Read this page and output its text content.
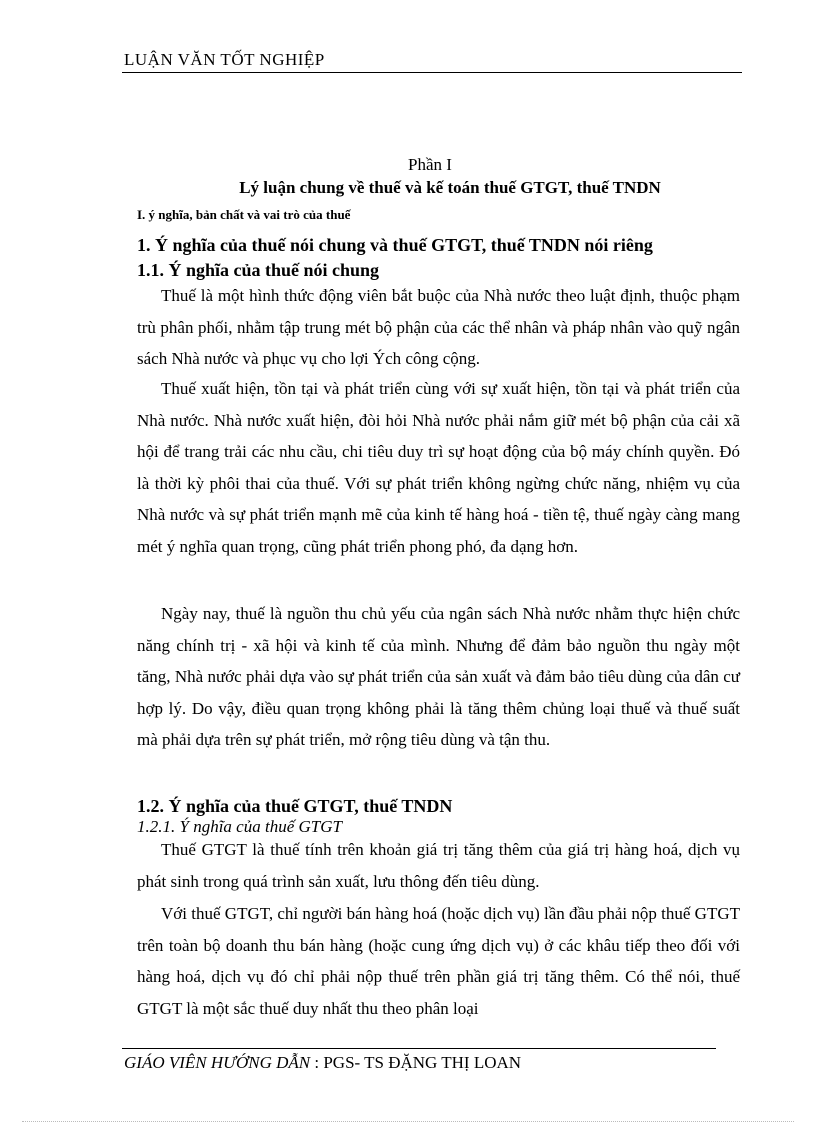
LUẬN VĂN TỐT NGHIỆP
Phần I
Lý luận chung về thuế và kế toán thuế GTGT, thuế TNDN
I. ý nghĩa, bản chất và vai trò của thuế
1. Ý nghĩa của thuế nói chung và thuế GTGT, thuế TNDN nói riêng
1.1. Ý nghĩa của thuế nói chung

Thuế là một hình thức động viên bắt buộc của Nhà nước theo luật định, thuộc phạm trù phân phối, nhằm tập trung mét bộ phận của các thể nhân và pháp nhân vào quỹ ngân sách Nhà nước và phục vụ cho lợi Ých công cộng.

Thuế xuất hiện, tồn tại và phát triển cùng với sự xuất hiện, tồn tại và phát triển của Nhà nước. Nhà nước xuất hiện, đòi hỏi Nhà nước phải nắm giữ mét bộ phận của cải xã hội để trang trải các nhu cầu, chi tiêu duy trì sự hoạt động của bộ máy chính quyền. Đó là thời kỳ phôi thai của thuế. Với sự phát triển không ngừng chức năng, nhiệm vụ của Nhà nước và sự phát triển mạnh mẽ của kinh tế hàng hoá - tiền tệ, thuế ngày càng mang mét ý nghĩa quan trọng, cũng phát triển phong phó, đa dạng hơn.

Ngày nay, thuế là nguồn thu chủ yếu của ngân sách Nhà nước nhằm thực hiện chức năng chính trị - xã hội và kinh tế của mình. Nhưng để đảm bảo nguồn thu ngày một tăng, Nhà nước phải dựa vào sự phát triển của sản xuất và đảm bảo tiêu dùng của dân cư hợp lý. Do vậy, điều quan trọng không phải là tăng thêm chủng loại thuế và thuế suất mà phải dựa trên sự phát triển, mở rộng tiêu dùng và tận thu.

1.2. Ý nghĩa của thuế GTGT, thuế TNDN
1.2.1. Ý nghĩa của thuế GTGT

Thuế GTGT là thuế tính trên khoản giá trị tăng thêm của giá trị hàng hoá, dịch vụ phát sinh trong quá trình sản xuất, lưu thông đến tiêu dùng.

Với thuế GTGT, chỉ người bán hàng hoá (hoặc dịch vụ) lần đầu phải nộp thuế GTGT trên toàn bộ doanh thu bán hàng (hoặc cung ứng dịch vụ) ở các khâu tiếp theo đối với hàng hoá, dịch vụ đó chỉ phải nộp thuế trên phần giá trị tăng thêm. Có thể nói, thuế GTGT là một sắc thuế duy nhất thu theo phân loại

GIÁO VIÊN HƯỚNG DẪN : PGS- TS ĐẶNG THỊ LOAN
